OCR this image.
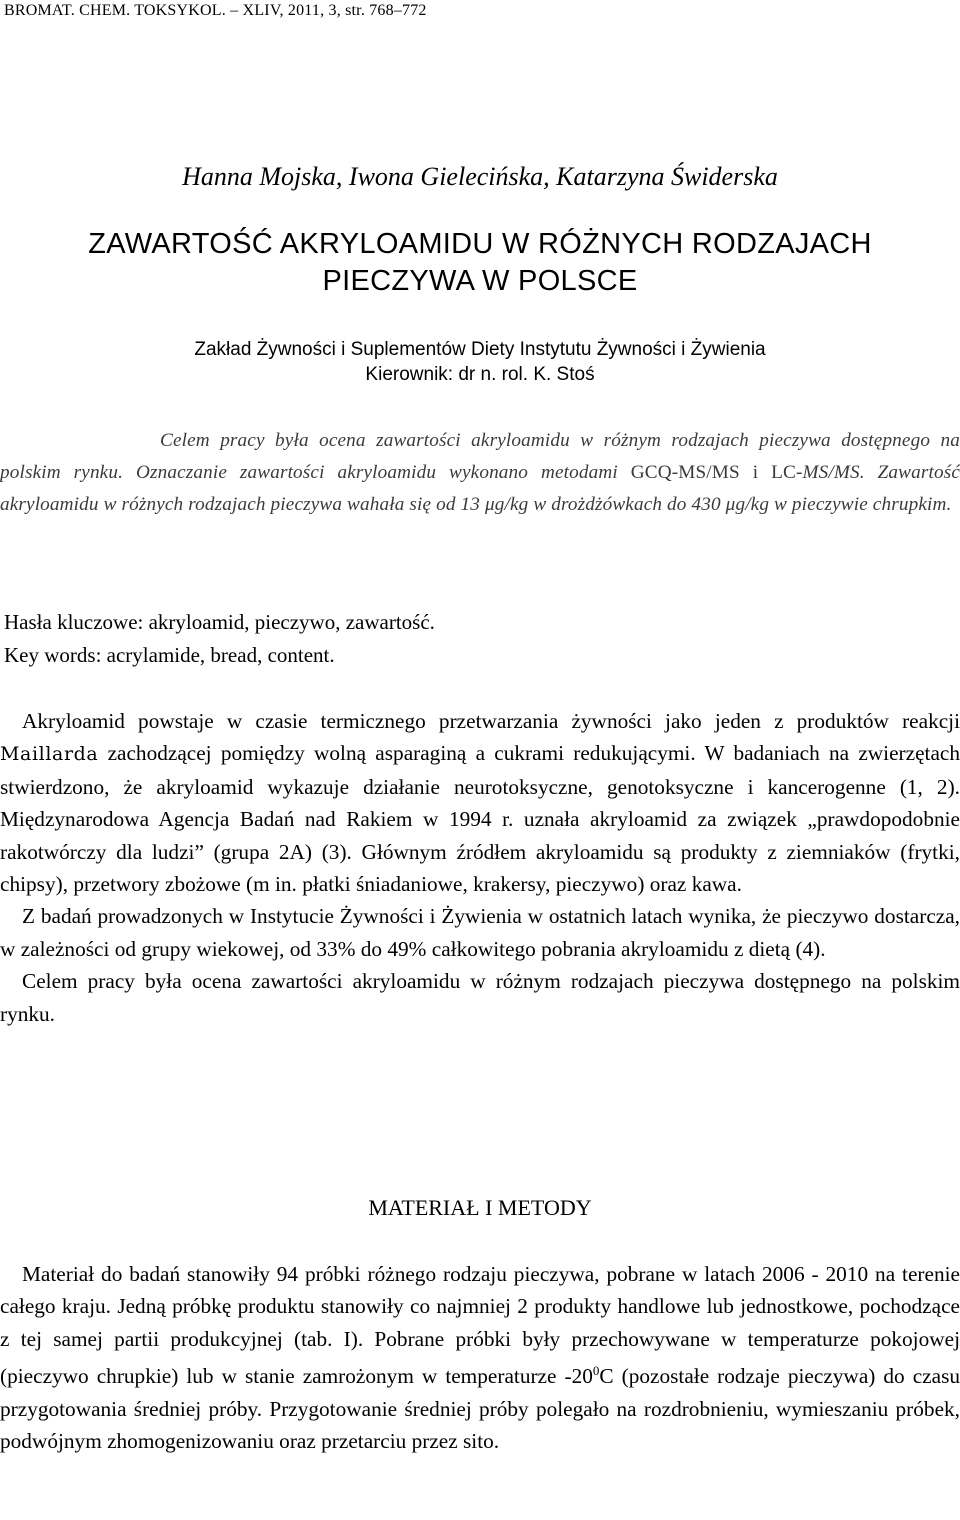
BROMAT. CHEM. TOKSYKOL. – XLIV, 2011, 3, str. 768–772
Hanna Mojska, Iwona Gielecińska, Katarzyna Świderska
ZAWARTOŚĆ AKRYLOAMIDU W RÓŻNYCH RODZAJACH
PIECZYWA W POLSCE
Zakład Żywności i Suplementów Diety Instytutu Żywności i Żywienia
Kierownik: dr n. rol. K. Stoś
Celem pracy była ocena zawartości akryloamidu w różnym rodzajach pieczywa dostępnego na polskim rynku. Oznaczanie zawartości akryloamidu wykonano metodami GCQ-MS/MS i LC-MS/MS. Zawartość akryloamidu w różnych rodzajach pieczywa wahała się od 13 μg/kg w drożdżówkach do 430 μg/kg w pieczywie chrupkim.
Hasła kluczowe: akryloamid, pieczywo, zawartość.
Key words: acrylamide, bread, content.
Akryloamid powstaje w czasie termicznego przetwarzania żywności jako jeden z produktów reakcji Maillarda zachodzącej pomiędzy wolną asparaginą a cukrami redukującymi. W badaniach na zwierzętach stwierdzono, że akryloamid wykazuje działanie neurotoksyczne, genotoksyczne i kancerogenne (1, 2). Międzynarodowa Agencja Badań nad Rakiem w 1994 r. uznała akryloamid za związek „prawdopodobnie rakotwórczy dla ludzi” (grupa 2A) (3). Głównym źródłem akryloamidu są produkty z ziemniaków (frytki, chipsy), przetwory zbożowe (m in. płatki śniadaniowe, krakersy, pieczywo) oraz kawa.
Z badań prowadzonych w Instytucie Żywności i Żywienia w ostatnich latach wynika, że pieczywo dostarcza, w zależności od grupy wiekowej, od 33% do 49% całkowitego pobrania akryloamidu z dietą (4).
Celem pracy była ocena zawartości akryloamidu w różnym rodzajach pieczywa dostępnego na polskim rynku.
MATERIAŁ I METODY
Materiał do badań stanowiły 94 próbki różnego rodzaju pieczywa, pobrane w latach 2006 - 2010 na terenie całego kraju. Jedną próbkę produktu stanowiły co najmniej 2 produkty handlowe lub jednostkowe, pochodzące z tej samej partii produkcyjnej (tab. I). Pobrane próbki były przechowywane w temperaturze pokojowej (pieczywo chrupkie) lub w stanie zamrożonym w temperaturze $-20^0C$ (pozostałe rodzaje pieczywa) do czasu przygotowania średniej próby. Przygotowanie średniej próby polegało na rozdrobnieniu, wymieszaniu próbek, podwójnym zhomogenizowaniu oraz przetarciu przez sito.
